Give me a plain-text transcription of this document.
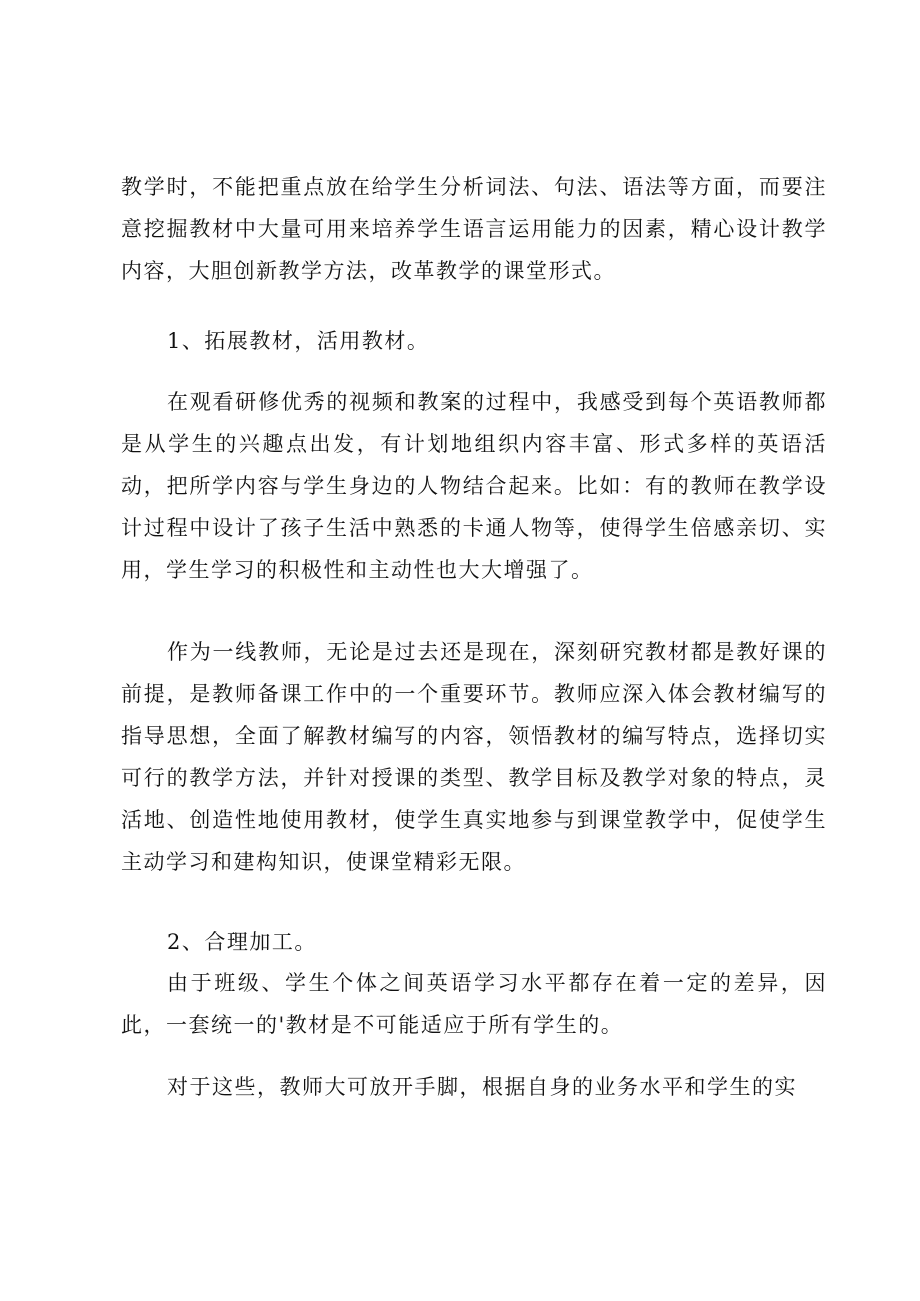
教学时，不能把重点放在给学生分析词法、句法、语法等方面，而要注意挖掘教材中大量可用来培养学生语言运用能力的因素，精心设计教学内容，大胆创新教学方法，改革教学的课堂形式。

1、拓展教材，活用教材。

在观看研修优秀的视频和教案的过程中，我感受到每个英语教师都是从学生的兴趣点出发，有计划地组织内容丰富、形式多样的英语活动，把所学内容与学生身边的人物结合起来。比如：有的教师在教学设计过程中设计了孩子生活中熟悉的卡通人物等，使得学生倍感亲切、实用，学生学习的积极性和主动性也大大增强了。

作为一线教师，无论是过去还是现在，深刻研究教材都是教好课的前提，是教师备课工作中的一个重要环节。教师应深入体会教材编写的指导思想，全面了解教材编写的内容，领悟教材的编写特点，选择切实可行的教学方法，并针对授课的类型、教学目标及教学对象的特点，灵活地、创造性地使用教材，使学生真实地参与到课堂教学中，促使学生主动学习和建构知识，使课堂精彩无限。

2、合理加工。

由于班级、学生个体之间英语学习水平都存在着一定的差异，因此，一套统一的'教材是不可能适应于所有学生的。

对于这些，教师大可放开手脚，根据自身的业务水平和学生的实
